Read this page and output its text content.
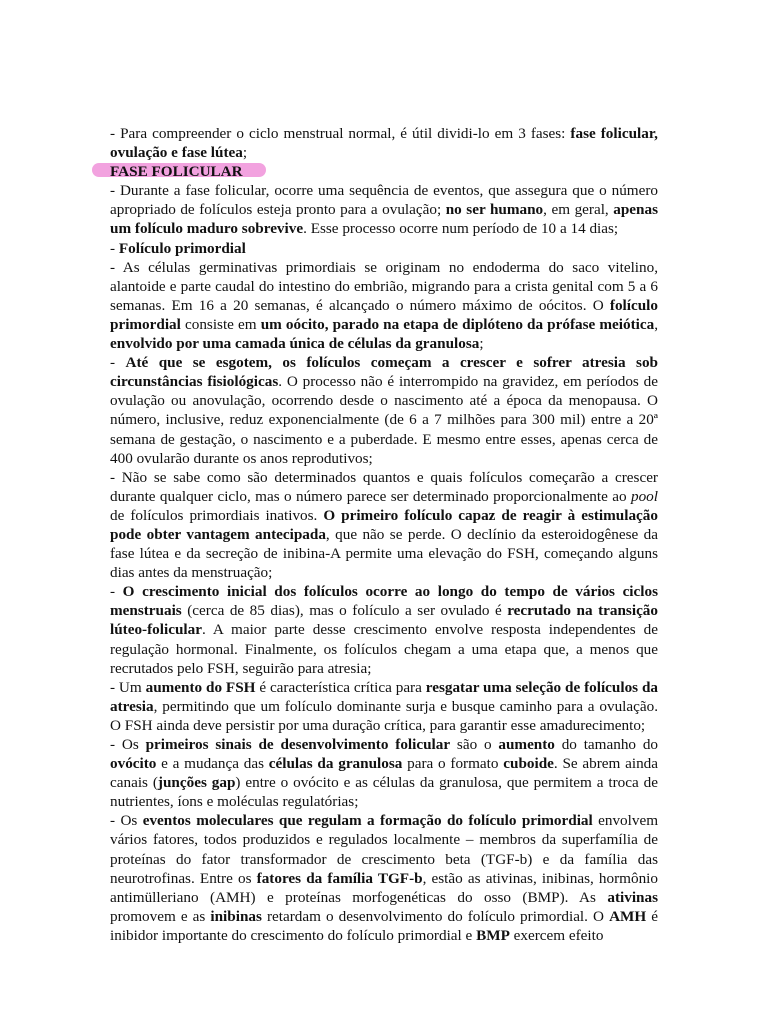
- Para compreender o ciclo menstrual normal, é útil dividi-lo em 3 fases: fase folicular, ovulação e fase lútea;

FASE FOLICULAR

- Durante a fase folicular, ocorre uma sequência de eventos, que assegura que o número apropriado de folículos esteja pronto para a ovulação; no ser humano, em geral, apenas um folículo maduro sobrevive. Esse processo ocorre num período de 10 a 14 dias;

- Folículo primordial

- As células germinativas primordiais se originam no endoderma do saco vitelino, alantoide e parte caudal do intestino do embrião, migrando para a crista genital com 5 a 6 semanas. Em 16 a 20 semanas, é alcançado o número máximo de oócitos. O folículo primordial consiste em um oócito, parado na etapa de diplóteno da prófase meiótica, envolvido por uma camada única de células da granulosa;

- Até que se esgotem, os folículos começam a crescer e sofrer atresia sob circunstâncias fisiológicas. O processo não é interrompido na gravidez, em períodos de ovulação ou anovulação, ocorrendo desde o nascimento até a época da menopausa. O número, inclusive, reduz exponencialmente (de 6 a 7 milhões para 300 mil) entre a 20ª semana de gestação, o nascimento e a puberdade. E mesmo entre esses, apenas cerca de 400 ovularão durante os anos reprodutivos;

- Não se sabe como são determinados quantos e quais folículos começarão a crescer durante qualquer ciclo, mas o número parece ser determinado proporcionalmente ao pool de folículos primordiais inativos. O primeiro folículo capaz de reagir à estimulação pode obter vantagem antecipada, que não se perde. O declínio da esteroidogênese da fase lútea e da secreção de inibina-A permite uma elevação do FSH, começando alguns dias antes da menstruação;

- O crescimento inicial dos folículos ocorre ao longo do tempo de vários ciclos menstruais (cerca de 85 dias), mas o folículo a ser ovulado é recrutado na transição lúteo-folicular. A maior parte desse crescimento envolve resposta independentes de regulação hormonal. Finalmente, os folículos chegam a uma etapa que, a menos que recrutados pelo FSH, seguirão para atresia;

- Um aumento do FSH é característica crítica para resgatar uma seleção de folículos da atresia, permitindo que um folículo dominante surja e busque caminho para a ovulação. O FSH ainda deve persistir por uma duração crítica, para garantir esse amadurecimento;

- Os primeiros sinais de desenvolvimento folicular são o aumento do tamanho do ovócito e a mudança das células da granulosa para o formato cuboide. Se abrem ainda canais (junções gap) entre o ovócito e as células da granulosa, que permitem a troca de nutrientes, íons e moléculas regulatórias;

- Os eventos moleculares que regulam a formação do folículo primordial envolvem vários fatores, todos produzidos e regulados localmente – membros da superfamília de proteínas do fator transformador de crescimento beta (TGF-b) e da família das neurotrofinas. Entre os fatores da família TGF-b, estão as ativinas, inibinas, hormônio antimülleriano (AMH) e proteínas morfogenéticas do osso (BMP). As ativinas promovem e as inibinas retardam o desenvolvimento do folículo primordial. O AMH é inibidor importante do crescimento do folículo primordial e BMP exercem efeito
